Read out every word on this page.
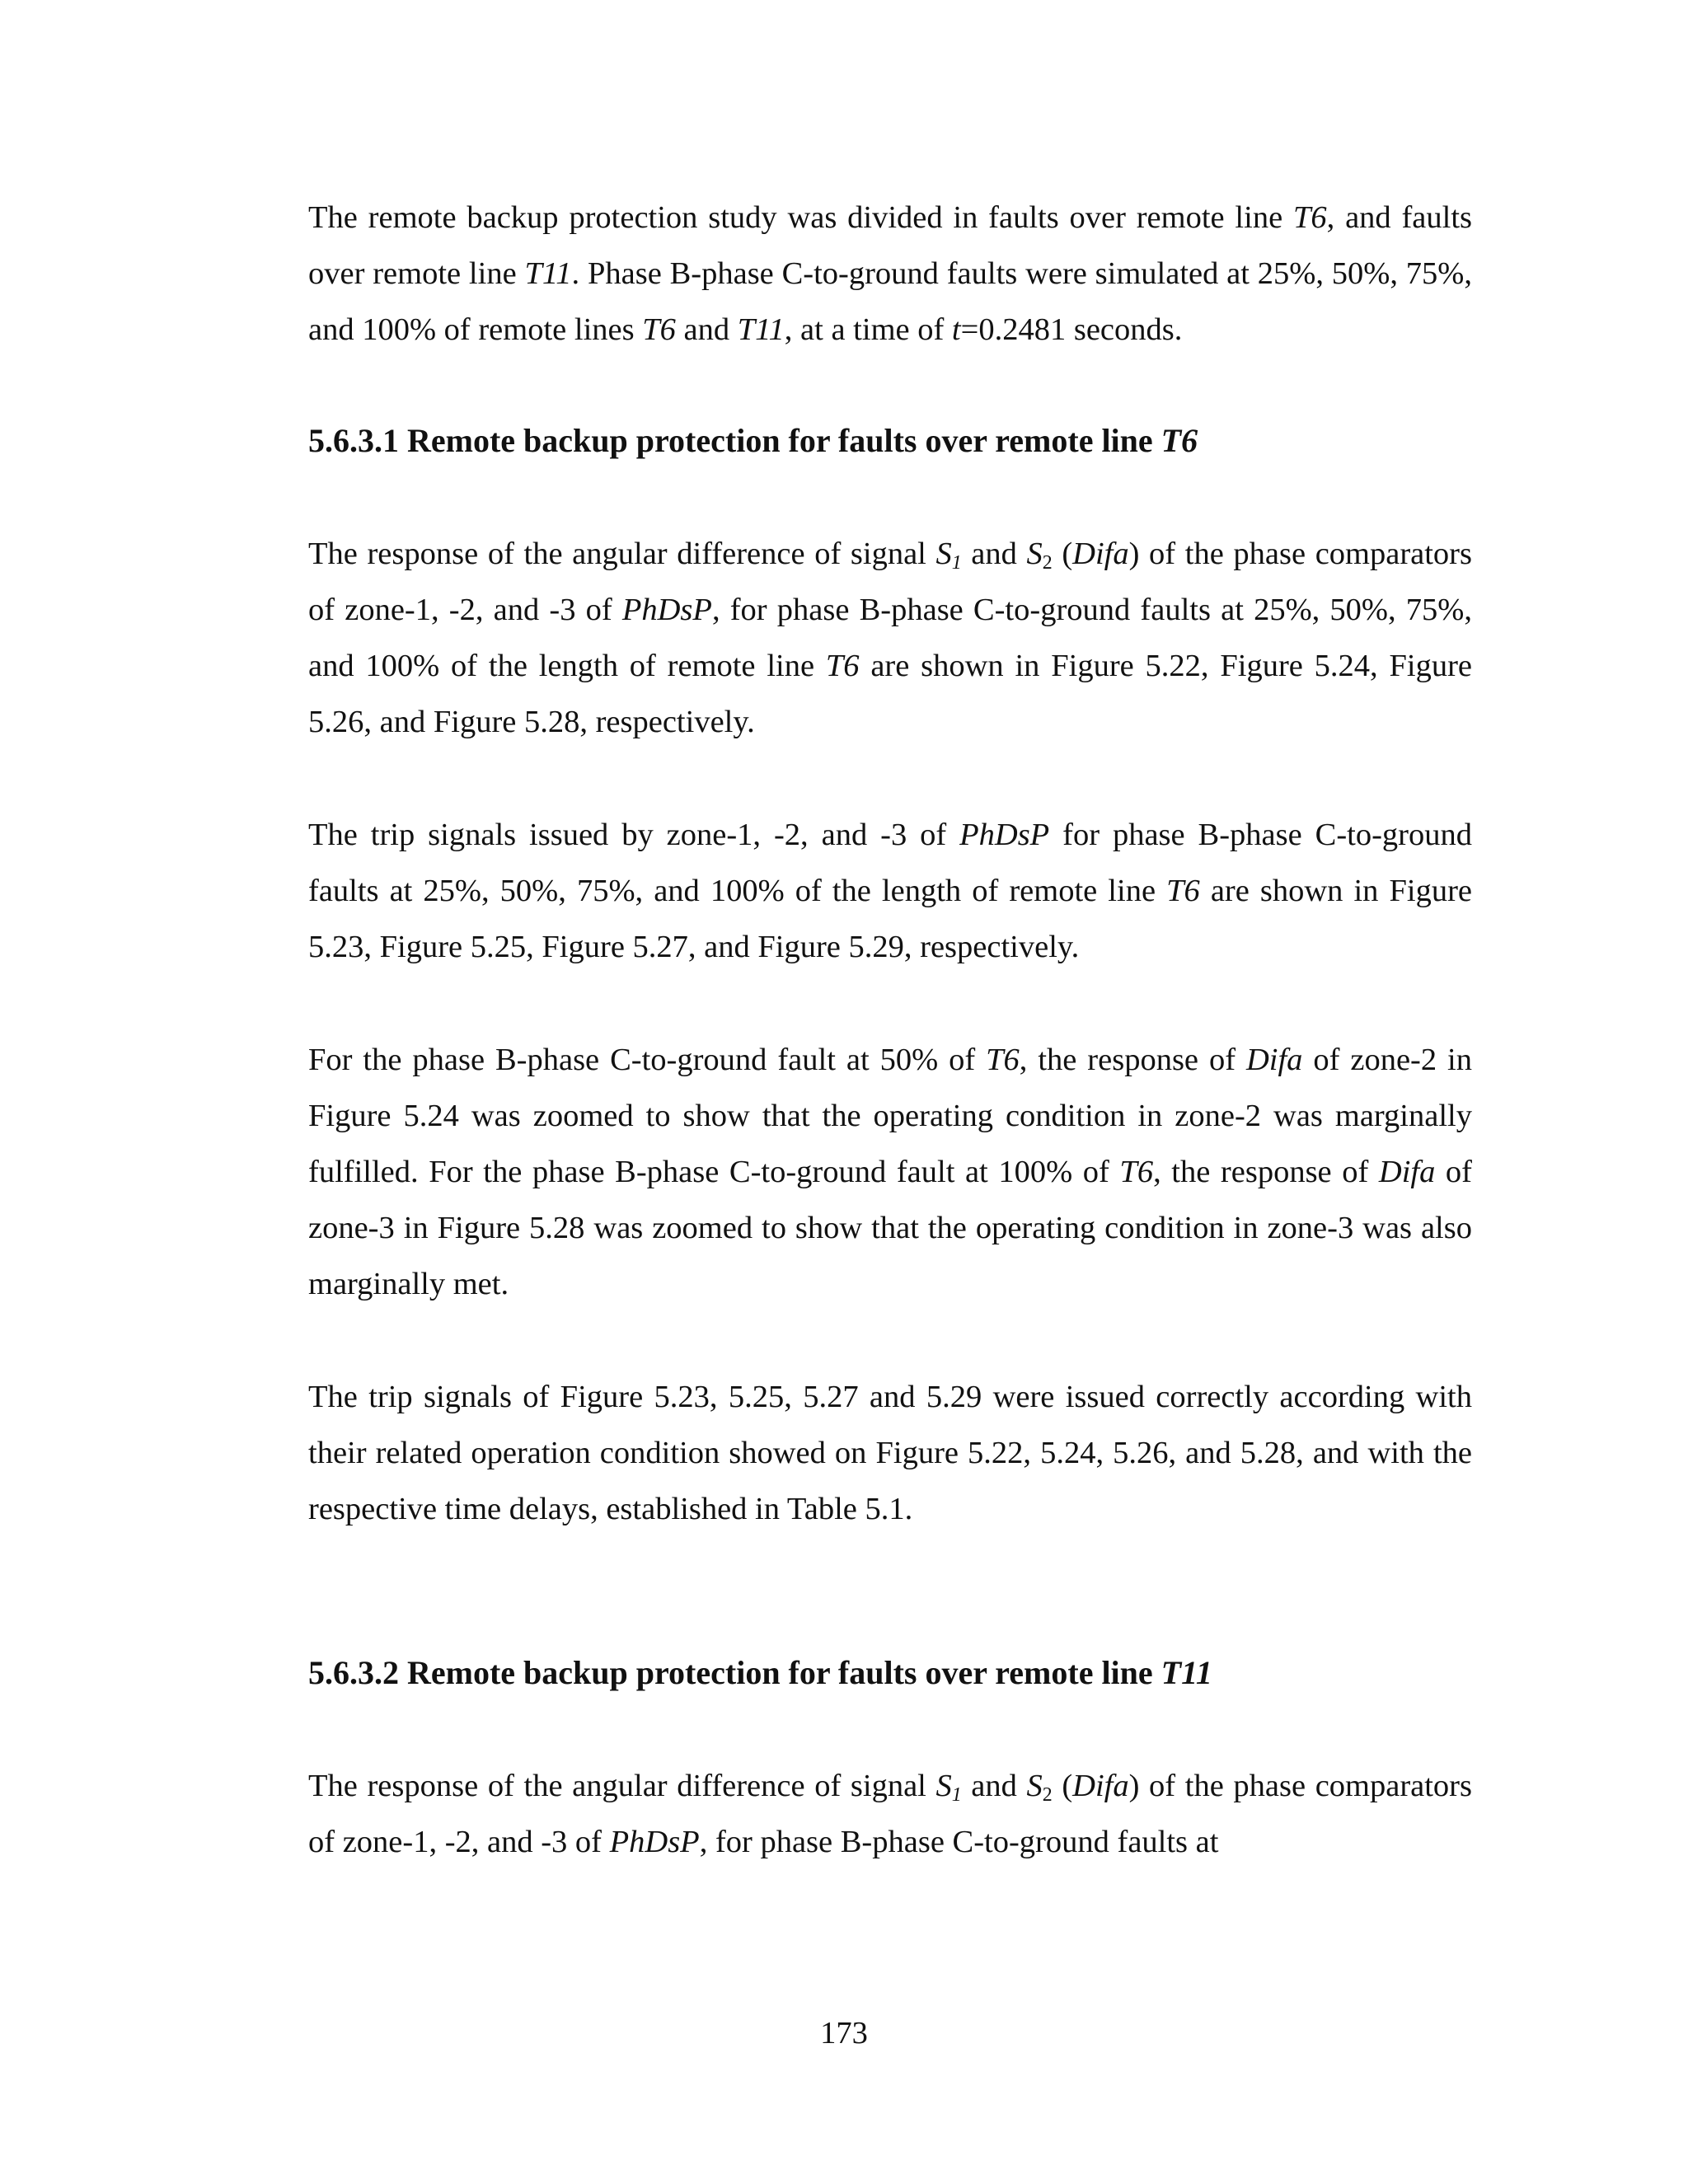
The remote backup protection study was divided in faults over remote line T6, and faults over remote line T11. Phase B-phase C-to-ground faults were simulated at 25%, 50%, 75%, and 100% of remote lines T6 and T11, at a time of t=0.2481 seconds.

5.6.3.1 Remote backup protection for faults over remote line T6

The response of the angular difference of signal $S_1$ and $S_2$ (Difa) of the phase comparators of zone-1, -2, and -3 of PhDsP, for phase B-phase C-to-ground faults at 25%, 50%, 75%, and 100% of the length of remote line T6 are shown in Figure 5.22, Figure 5.24, Figure 5.26, and Figure 5.28, respectively.

The trip signals issued by zone-1, -2, and -3 of PhDsP for phase B-phase C-to-ground faults at 25%, 50%, 75%, and 100% of the length of remote line T6 are shown in Figure 5.23, Figure 5.25, Figure 5.27, and Figure 5.29, respectively.

For the phase B-phase C-to-ground fault at 50% of T6, the response of Difa of zone-2 in Figure 5.24 was zoomed to show that the operating condition in zone-2 was marginally fulfilled. For the phase B-phase C-to-ground fault at 100% of T6, the response of Difa of zone-3 in Figure 5.28 was zoomed to show that the operating condition in zone-3 was also marginally met.

The trip signals of Figure 5.23, 5.25, 5.27 and 5.29 were issued correctly according with their related operation condition showed on Figure 5.22, 5.24, 5.26, and 5.28, and with the respective time delays, established in Table 5.1.

5.6.3.2 Remote backup protection for faults over remote line T11

The response of the angular difference of signal $S_1$ and $S_2$ (Difa) of the phase comparators of zone-1, -2, and -3 of PhDsP, for phase B-phase C-to-ground faults at

173
